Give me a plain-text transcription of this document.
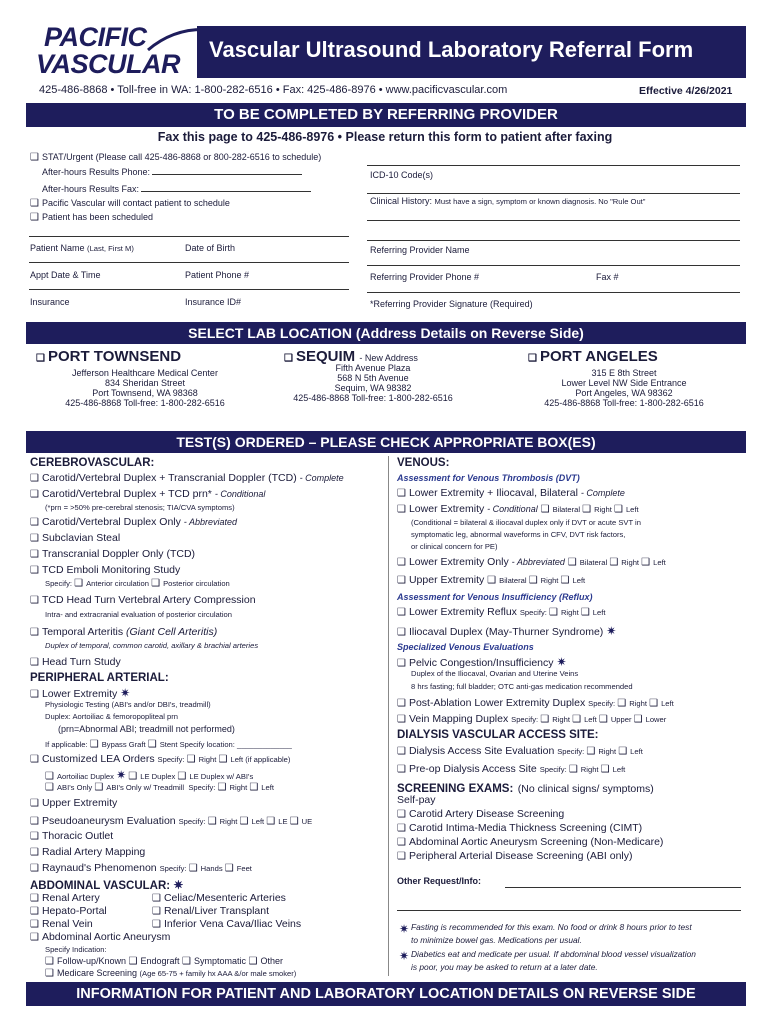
PACIFIC
VASCULAR	Vascular Ultrasound Laboratory Referral Form
425-486-8868 • Toll-free in WA: 1-800-282-6516 • Fax: 425-486-8976 • www.pacificvascular.com	Effective 4/26/2021
TO BE COMPLETED BY REFERRING PROVIDER
Fax this page to 425-486-8976 • Please return this form to patient after faxing
❑ STAT/Urgent (Please call 425-486-8868 or 800-282-6516 to schedule)
After-hours Results Phone:
After-hours Results Fax:
❑ Pacific Vascular will contact patient to schedule
❑ Patient has been scheduled
ICD-10 Code(s)
Clinical History: Must have a sign, symptom or known diagnosis. No "Rule Out"
Patient Name (Last, First M)	Date of Birth
Appt Date & Time	Patient Phone #
Insurance	Insurance ID#
Referring Provider Name
Referring Provider Phone #	Fax #
*Referring Provider Signature (Required)
SELECT LAB LOCATION (Address Details on Reverse Side)
❑ PORT TOWNSEND
Jefferson Healthcare Medical Center
834 Sheridan Street
Port Townsend, WA 98368
425-486-8868 Toll-free: 1-800-282-6516
❑ SEQUIM - New Address
Fifth Avenue Plaza
568 N 5th Avenue
Sequim, WA 98382
425-486-8868 Toll-free: 1-800-282-6516
❑ PORT ANGELES
315 E 8th Street
Lower Level NW Side Entrance
Port Angeles, WA 98362
425-486-8868 Toll-free: 1-800-282-6516
TEST(S) ORDERED – PLEASE CHECK APPROPRIATE BOX(ES)
CEREBROVASCULAR:
❑ Carotid/Vertebral Duplex + Transcranial Doppler (TCD) - Complete
❑ Carotid/Vertebral Duplex + TCD prn* - Conditional
(*prn = >50% pre-cerebral stenosis; TIA/CVA symptoms)
❑ Carotid/Vertebral Duplex Only - Abbreviated
❑ Subclavian Steal
❑ Transcranial Doppler Only (TCD)
❑ TCD Emboli Monitoring Study
Specify: ❑ Anterior circulation ❑ Posterior circulation
❑ TCD Head Turn Vertebral Artery Compression
Intra- and extracranial evaluation of posterior circulation
❑ Temporal Arteritis (Giant Cell Arteritis)
Duplex of temporal, common carotid, axillary & brachial arteries
❑ Head Turn Study
PERIPHERAL ARTERIAL:
❑ Lower Extremity ✷
Physiologic Testing (ABI's and/or DBI's, treadmill)
Duplex: Aortoiliac & femoropopliteal prn
(prn=Abnormal ABI; treadmill not performed)
If applicable: ❑ Bypass Graft ❑ Stent Specify location: _____________
❑ Customized LEA Orders Specify: ❑ Right ❑ Left (if applicable)
❑ Aortoiliac Duplex ✷ ❑ LE Duplex ❑ LE Duplex w/ ABI's
❑ ABI's Only ❑ ABI's Only w/ Treadmill Specify: ❑ Right ❑ Left
❑ Upper Extremity
❑ Pseudoaneurysm Evaluation Specify: ❑ Right ❑ Left ❑ LE ❑ UE
❑ Thoracic Outlet
❑ Radial Artery Mapping
❑ Raynaud's Phenomenon Specify: ❑ Hands ❑ Feet
ABDOMINAL VASCULAR: ✷
❑ Renal Artery	❑ Celiac/Mesenteric Arteries
❑ Hepato-Portal	❑ Renal/Liver Transplant
❑ Renal Vein	❑ Inferior Vena Cava/Iliac Veins
❑ Abdominal Aortic Aneurysm
Specify Indication:
❑ Follow-up/Known ❑ Endograft ❑ Symptomatic ❑ Other
❑ Medicare Screening (Age 65-75 + family hx AAA &/or male smoker)
VENOUS:
Assessment for Venous Thrombosis (DVT)
❑ Lower Extremity + Iliocaval, Bilateral - Complete
❑ Lower Extremity - Conditional ❑ Bilateral ❑ Right ❑ Left
(Conditional = bilateral & iliocaval duplex only if DVT or acute SVT in
symptomatic leg, abnormal waveforms in CFV, DVT risk factors,
or clinical concern for PE)
❑ Lower Extremity Only - Abbreviated ❑ Bilateral ❑ Right ❑ Left
❑ Upper Extremity ❑ Bilateral ❑ Right ❑ Left
Assessment for Venous Insufficiency (Reflux)
❑ Lower Extremity Reflux Specify: ❑ Right ❑ Left
❑ Iliocaval Duplex (May-Thurner Syndrome) ✷
Specialized Venous Evaluations
❑ Pelvic Congestion/Insufficiency ✷
Duplex of the Iliocaval, Ovarian and Uterine Veins
8 hrs fasting; full bladder; OTC anti-gas medication recommended
❑ Post-Ablation Lower Extremity Duplex Specify: ❑ Right ❑ Left
❑ Vein Mapping Duplex Specify: ❑ Right ❑ Left ❑ Upper ❑ Lower
DIALYSIS VASCULAR ACCESS SITE:
❑ Dialysis Access Site Evaluation Specify: ❑ Right ❑ Left
❑ Pre-op Dialysis Access Site Specify: ❑ Right ❑ Left
SCREENING EXAMS: (No clinical signs/ symptoms)
Self-pay
❑ Carotid Artery Disease Screening
❑ Carotid Intima-Media Thickness Screening (CIMT)
❑ Abdominal Aortic Aneurysm Screening (Non-Medicare)
❑ Peripheral Arterial Disease Screening (ABI only)
Other Request/Info:
✷ Fasting is recommended for this exam. No food or drink 8 hours prior to test
to minimize bowel gas. Medications per usual.
✷ Diabetics eat and medicate per usual. If abdominal blood vessel visualization
is poor, you may be asked to return at a later date.
INFORMATION FOR PATIENT AND LABORATORY LOCATION DETAILS ON REVERSE SIDE
